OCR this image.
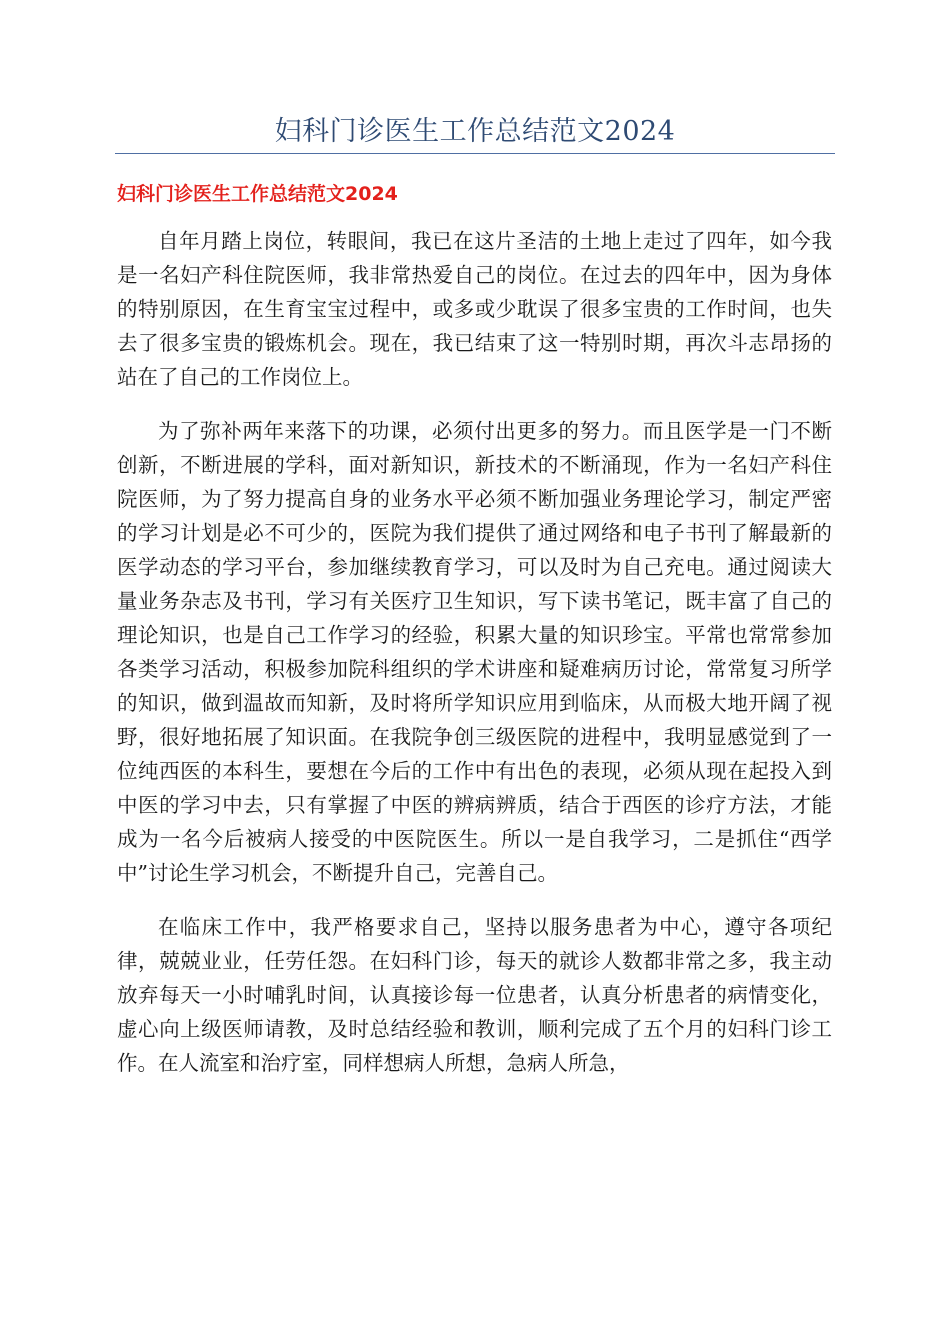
妇科门诊医生工作总结范文2024
妇科门诊医生工作总结范文2024

自年月踏上岗位，转眼间，我已在这片圣洁的土地上走过了四年，如今我是一名妇产科住院医师，我非常热爱自己的岗位。在过去的四年中，因为身体的特别原因，在生育宝宝过程中，或多或少耽误了很多宝贵的工作时间，也失去了很多宝贵的锻炼机会。现在，我已结束了这一特别时期，再次斗志昂扬的站在了自己的工作岗位上。

为了弥补两年来落下的功课，必须付出更多的努力。而且医学是一门不断创新，不断进展的学科，面对新知识，新技术的不断涌现，作为一名妇产科住院医师，为了努力提高自身的业务水平必须不断加强业务理论学习，制定严密的学习计划是必不可少的，医院为我们提供了通过网络和电子书刊了解最新的医学动态的学习平台，参加继续教育学习，可以及时为自己充电。通过阅读大量业务杂志及书刊，学习有关医疗卫生知识，写下读书笔记，既丰富了自己的理论知识，也是自己工作学习的经验，积累大量的知识珍宝。平常也常常参加各类学习活动，积极参加院科组织的学术讲座和疑难病历讨论，常常复习所学的知识，做到温故而知新，及时将所学知识应用到临床，从而极大地开阔了视野，很好地拓展了知识面。在我院争创三级医院的进程中，我明显感觉到了一位纯西医的本科生，要想在今后的工作中有出色的表现，必须从现在起投入到中医的学习中去，只有掌握了中医的辨病辨质，结合于西医的诊疗方法，才能成为一名今后被病人接受的中医院医生。所以一是自我学习，二是抓住“西学中”讨论生学习机会，不断提升自己，完善自己。

在临床工作中，我严格要求自己，坚持以服务患者为中心，遵守各项纪律，兢兢业业，任劳任怨。在妇科门诊，每天的就诊人数都非常之多，我主动放弃每天一小时哺乳时间，认真接诊每一位患者，认真分析患者的病情变化，虚心向上级医师请教，及时总结经验和教训，顺利完成了五个月的妇科门诊工作。在人流室和治疗室，同样想病人所想，急病人所急，
